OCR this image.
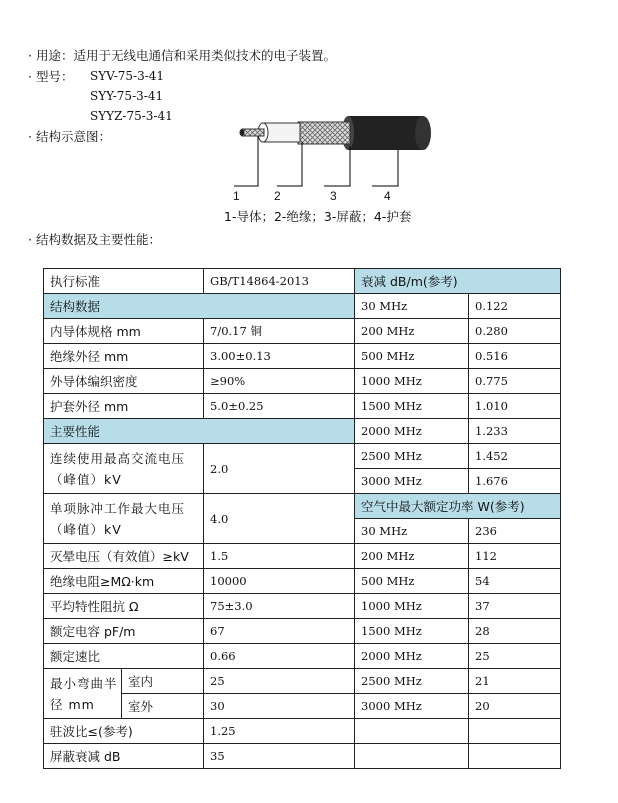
· 用途：适用于无线电通信和采用类似技术的电子装置。
· 型号： SYV-75-3-41
SYY-75-3-41
SYYZ-75-3-41
· 结构示意图：
1	2	3	4
1-导体；2-绝缘；3-屏蔽；4-护套
· 结构数据及主要性能：
执行标准		GB/T14864-2013	衰减 dB/m(参考)	
结构数据			30 MHz	0.122
内导体规格 mm		7/0.17 铜	200 MHz	0.280
绝缘外径 mm		3.00±0.13	500 MHz	0.516
外导体编织密度		≥90%	1000 MHz	0.775
护套外径 mm		5.0±0.25	1500 MHz	1.010
主要性能			2000 MHz	1.233
连续使用最高交流电压（峰值）kV		2.0	2500 MHz	1.452
			3000 MHz	1.676
单项脉冲工作最大电压（峰值）kV		4.0	空气中最大额定功率 W(参考)	
			30 MHz	236
灭晕电压（有效值）≥kV		1.5	200 MHz	112
绝缘电阻≥MΩ·km		10000	500 MHz	54
平均特性阻抗 Ω		75±3.0	1000 MHz	37
额定电容 pF/m		67	1500 MHz	28
额定速比		0.66	2000 MHz	25
最小弯曲半径 mm	室内	25	2500 MHz	21
	室外	30	3000 MHz	20
驻波比≤(参考)		1.25		
屏蔽衰减 dB		35		
